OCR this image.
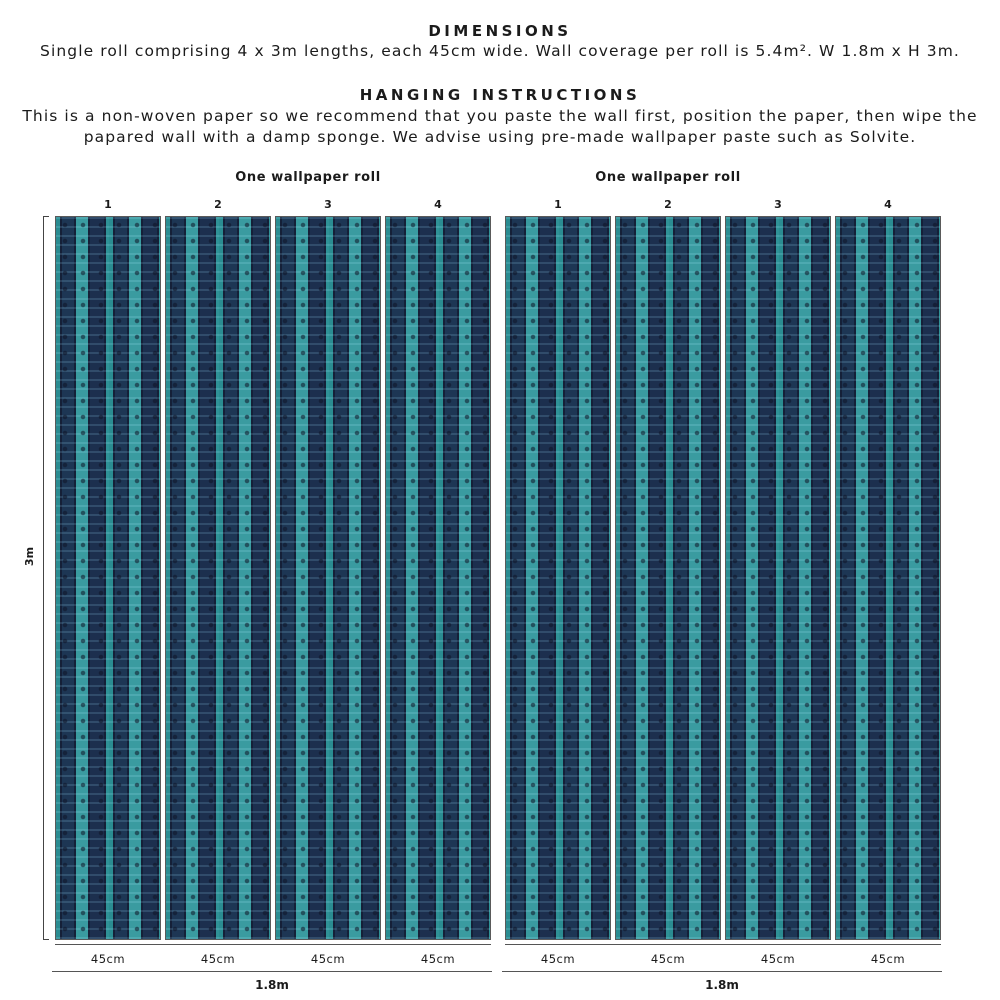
DIMENSIONS
Single roll comprising 4 x 3m lengths, each 45cm wide. Wall coverage per roll is 5.4m². W 1.8m x H 3m.
HANGING INSTRUCTIONS
This is a non-woven paper so we recommend that you paste the wall first, position the paper, then wipe the
papared wall with a damp sponge. We advise using pre-made wallpaper paste such as Solvite.
One wallpaper roll
1	2	3	4
One wallpaper roll
1	2	3	4
3m
45cm	45cm	45cm	45cm	45cm	45cm	45cm	45cm
1.8m	1.8m
